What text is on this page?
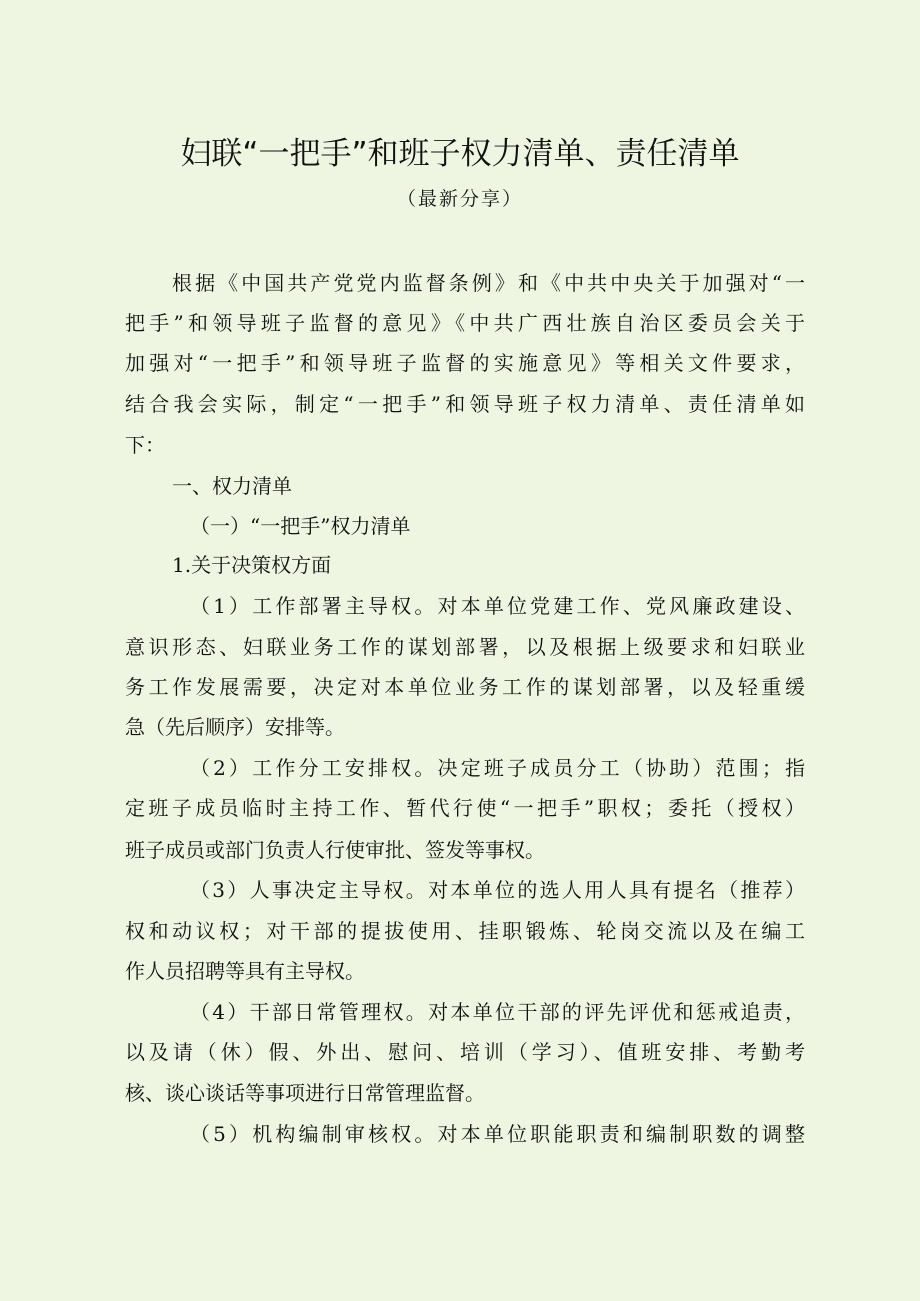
妇联“一把手”和班子权力清单、责任清单
（最新分享）
根据《中国共产党党内监督条例》和《中共中央关于加强对“一
把手”和领导班子监督的意见》《中共广西壮族自治区委员会关于
加强对“一把手”和领导班子监督的实施意见》等相关文件要求，
结合我会实际，制定“一把手”和领导班子权力清单、责任清单如
下：
一、权力清单
（一）“一把手”权力清单
1.关于决策权方面
（1）工作部署主导权。对本单位党建工作、党风廉政建设、
意识形态、妇联业务工作的谋划部署，以及根据上级要求和妇联业
务工作发展需要，决定对本单位业务工作的谋划部署，以及轻重缓
急（先后顺序）安排等。
（2）工作分工安排权。决定班子成员分工（协助）范围；指
定班子成员临时主持工作、暂代行使“一把手”职权；委托（授权）
班子成员或部门负责人行使审批、签发等事权。
（3）人事决定主导权。对本单位的选人用人具有提名（推荐）
权和动议权；对干部的提拔使用、挂职锻炼、轮岗交流以及在编工
作人员招聘等具有主导权。
（4）干部日常管理权。对本单位干部的评先评优和惩戒追责，
以及请（休）假、外出、慰问、培训（学习）、值班安排、考勤考
核、谈心谈话等事项进行日常管理监督。
（5）机构编制审核权。对本单位职能职责和编制职数的调整
